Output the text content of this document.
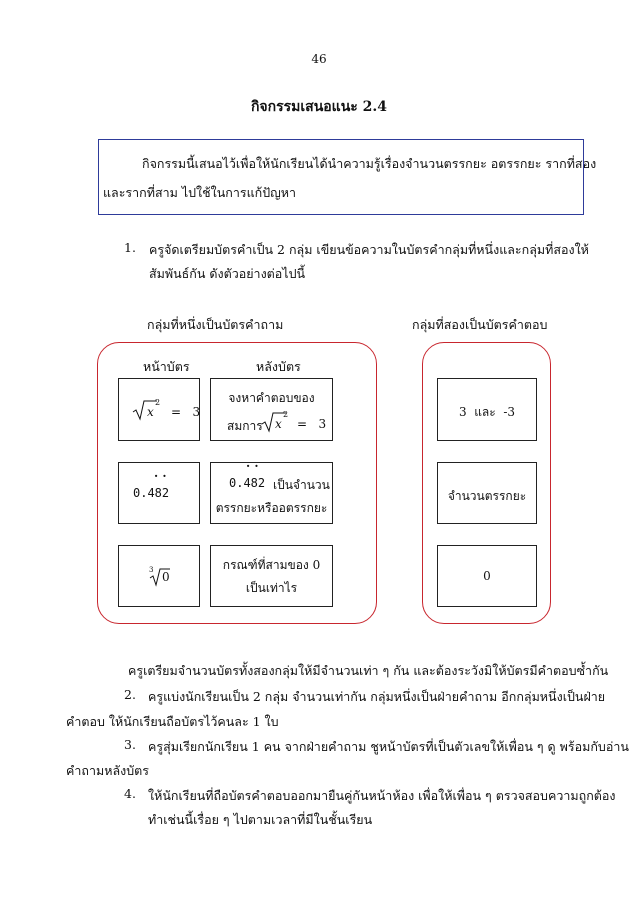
46
กิจกรรมเสนอแนะ 2.4
กิจกรรมนี้เสนอไว้เพื่อให้นักเรียนได้นำความรู้เรื่องจำนวนตรรกยะ อตรรกยะ รากที่สอง
และรากที่สาม ไปใช้ในการแก้ปัญหา
1. ครูจัดเตรียมบัตรคำเป็น 2 กลุ่ม เขียนข้อความในบัตรคำกลุ่มที่หนึ่งและกลุ่มที่สองให้
สัมพันธ์กัน ดังตัวอย่างต่อไปนี้
กลุ่มที่หนึ่งเป็นบัตรคำถาม	กลุ่มที่สองเป็นบัตรคำตอบ
หน้าบัตร	หลังบัตร
x
2
=   3
จงหาคำตอบของ
สมการ x
2
=   3
· ·
0.482
· ·
0.482 เป็นจำนวน
ตรรกยะหรืออตรรกยะ
3 0
กรณฑ์ที่สามของ 0
เป็นเท่าไร
3  และ  -3
จำนวนตรรกยะ
0
ครูเตรียมจำนวนบัตรทั้งสองกลุ่มให้มีจำนวนเท่า ๆ กัน และต้องระวังมิให้บัตรมีคำตอบซ้ำกัน
2. ครูแบ่งนักเรียนเป็น 2 กลุ่ม จำนวนเท่ากัน กลุ่มหนึ่งเป็นฝ่ายคำถาม อีกกลุ่มหนึ่งเป็นฝ่าย
คำตอบ ให้นักเรียนถือบัตรไว้คนละ 1 ใบ
3. ครูสุ่มเรียกนักเรียน 1 คน จากฝ่ายคำถาม ชูหน้าบัตรที่เป็นตัวเลขให้เพื่อน ๆ ดู พร้อมกับอ่าน
คำถามหลังบัตร
4. ให้นักเรียนที่ถือบัตรคำตอบออกมายืนคู่กันหน้าห้อง เพื่อให้เพื่อน ๆ ตรวจสอบความถูกต้อง
ทำเช่นนี้เรื่อย ๆ ไปตามเวลาที่มีในชั้นเรียน
